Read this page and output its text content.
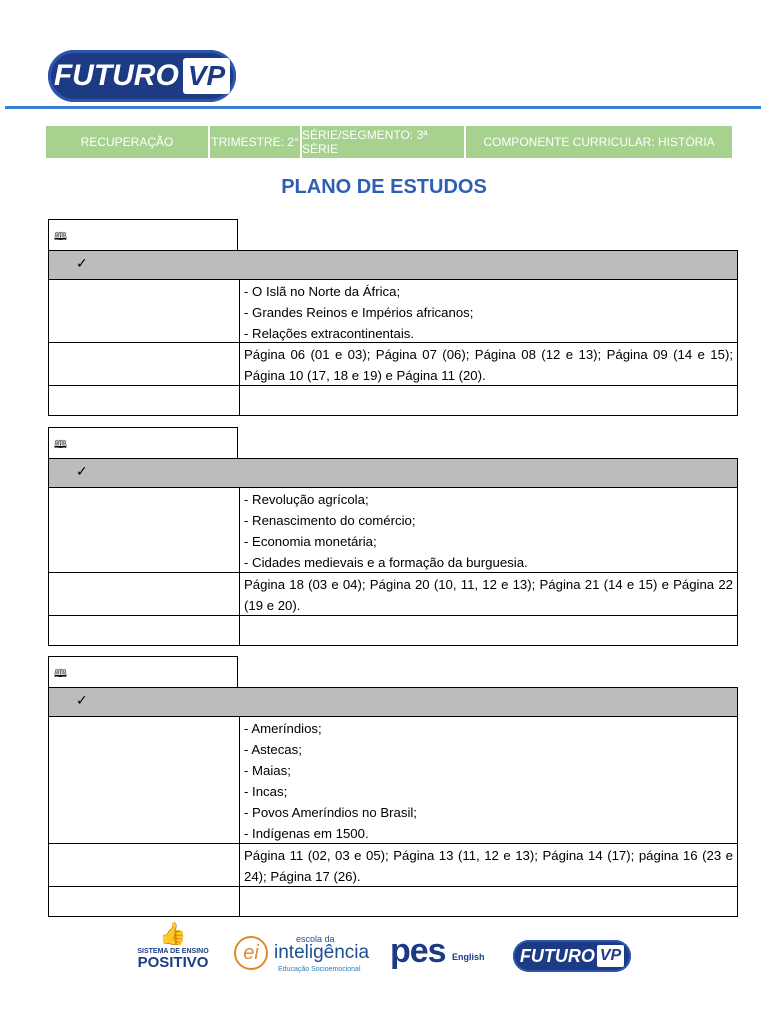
FUTURO VP
RECUPERAÇÃO	TRIMESTRE: 2° SÉRIE/SEGMENTO: 3ª SÉRIE	COMPONENTE CURRICULAR: HISTÓRIA
PLANO DE ESTUDOS
🕮
✓
- O Islã no Norte da África;
- Grandes Reinos e Impérios africanos;
- Relações extracontinentais.
Página 06 (01 e 03); Página 07 (06); Página 08 (12 e 13); Página 09 (14 e 15); Página 10 (17, 18 e 19) e Página 11 (20).
🕮
✓
- Revolução agrícola;
- Renascimento do comércio;
- Economia monetária;
- Cidades medievais e a formação da burguesia.
Página 18 (03 e 04); Página 20 (10, 11, 12 e 13); Página 21 (14 e 15) e Página 22 (19 e 20).
🕮
✓
- Ameríndios;
- Astecas;
- Maias;
- Incas;
- Povos Ameríndios no Brasil;
- Indígenas em 1500.
Página 11 (02, 03 e 05); Página 13 (11, 12 e 13); Página 14 (17); página 16 (23 e 24); Página 17 (26).
👍
SISTEMA DE ENSINO
POSITIVO	ei
escola da
inteligência
Educação Socioemocional pes English FUTURO VP
